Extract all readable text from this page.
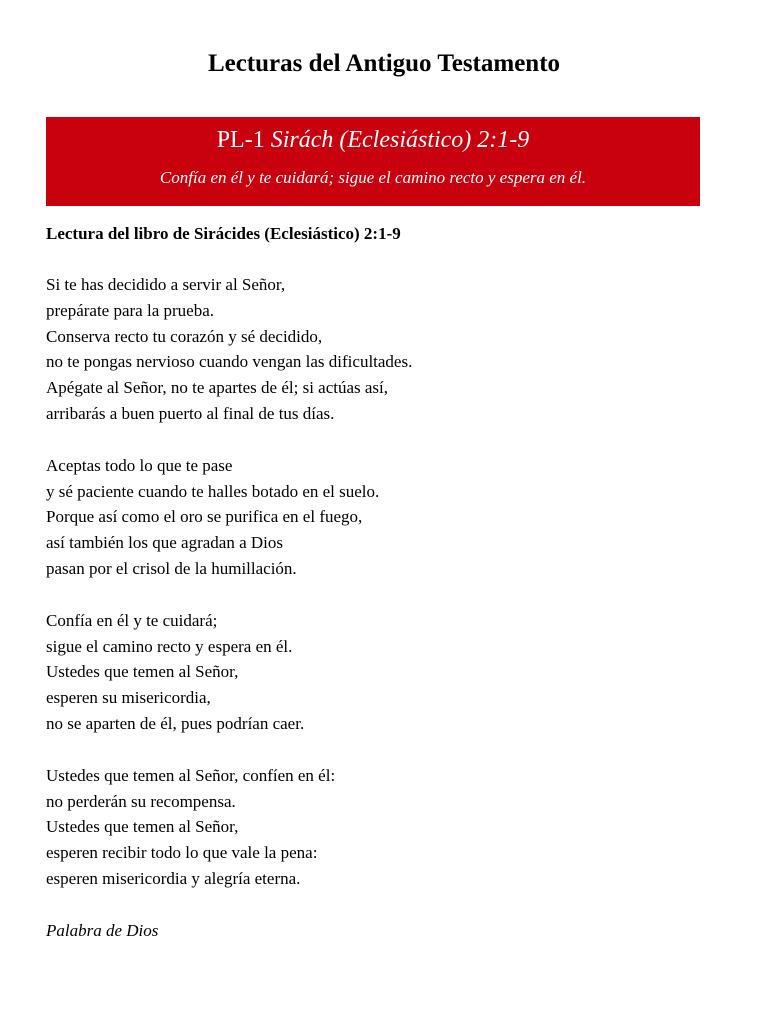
Lecturas del Antiguo Testamento
PL-1 Sirách (Eclesiástico) 2:1-9
Confía en él y te cuidará; sigue el camino recto y espera en él.
Lectura del libro de Sirácides (Eclesiástico) 2:1-9
Si te has decidido a servir al Señor,
prepárate para la prueba.
Conserva recto tu corazón y sé decidido,
no te pongas nervioso cuando vengan las dificultades.
Apégate al Señor, no te apartes de él; si actúas así,
arribarás a buen puerto al final de tus días.
Aceptas todo lo que te pase
y sé paciente cuando te halles botado en el suelo.
Porque así como el oro se purifica en el fuego,
así también los que agradan a Dios
pasan por el crisol de la humillación.
Confía en él y te cuidará;
sigue el camino recto y espera en él.
Ustedes que temen al Señor,
esperen su misericordia,
no se aparten de él, pues podrían caer.
Ustedes que temen al Señor, confíen en él:
no perderán su recompensa.
Ustedes que temen al Señor,
esperen recibir todo lo que vale la pena:
esperen misericordia y alegría eterna.
Palabra de Dios
